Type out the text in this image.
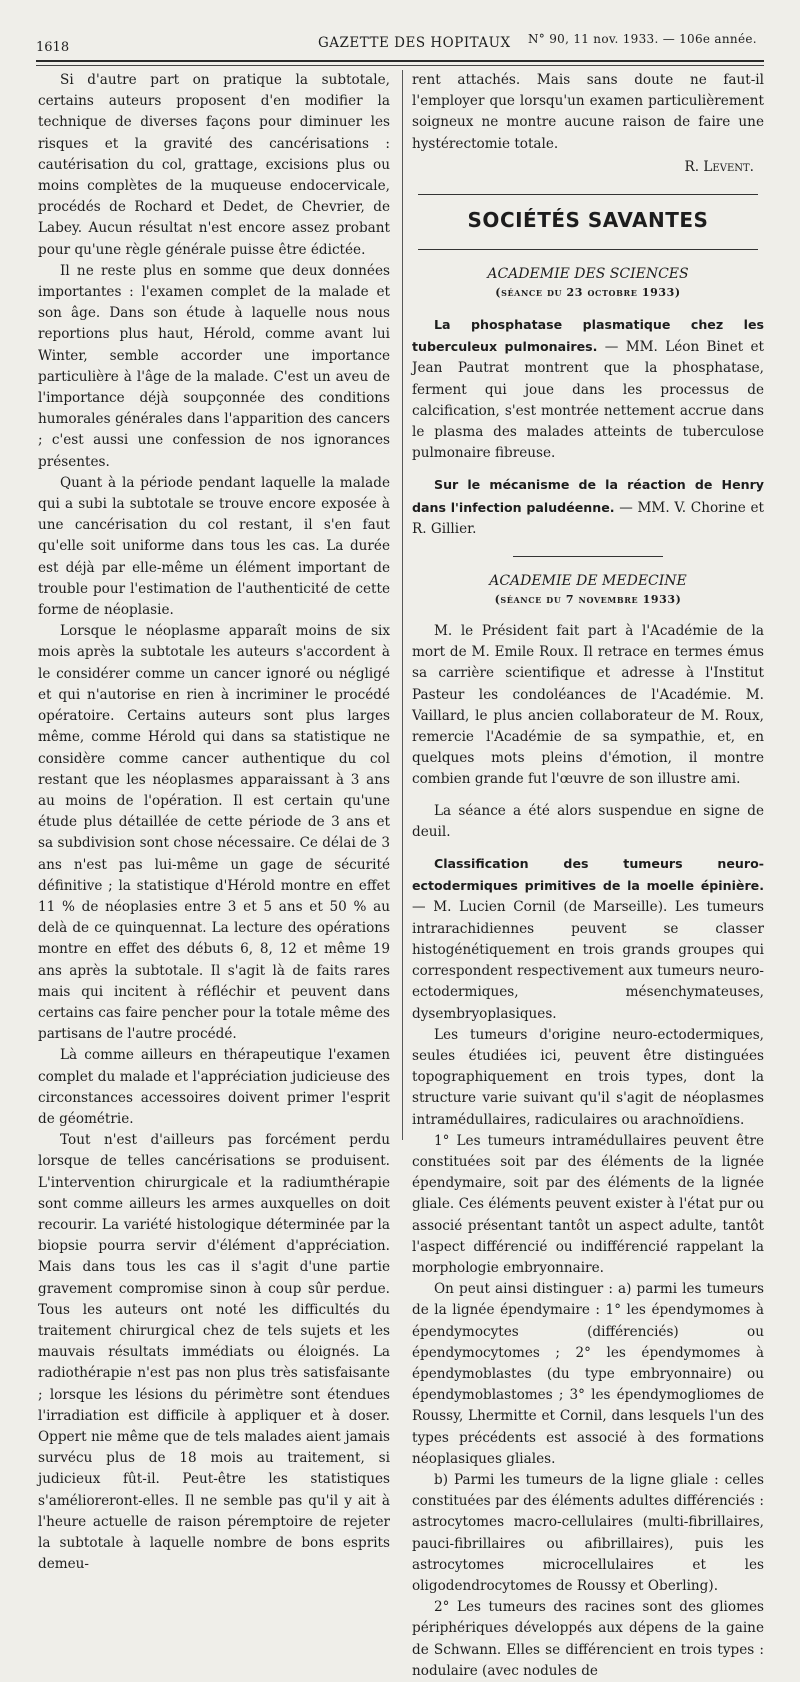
1618	GAZETTE DES HOPITAUX N° 90, 11 nov. 1933. — 106e année.

Si d'autre part on pratique la subtotale, certains auteurs proposent d'en modifier la technique de diverses façons pour diminuer les risques et la gravité des cancérisations : cautérisation du col, grattage, excisions plus ou moins complètes de la muqueuse endocervicale, procédés de Rochard et Dedet, de Chevrier, de Labey. Aucun résultat n'est encore assez probant pour qu'une règle générale puisse être édictée.

Il ne reste plus en somme que deux données importantes : l'examen complet de la malade et son âge. Dans son étude à laquelle nous nous reportions plus haut, Hérold, comme avant lui Winter, semble accorder une importance particulière à l'âge de la malade. C'est un aveu de l'importance déjà soupçonnée des conditions humorales générales dans l'apparition des cancers ; c'est aussi une confession de nos ignorances présentes.

Quant à la période pendant laquelle la malade qui a subi la subtotale se trouve encore exposée à une cancérisation du col restant, il s'en faut qu'elle soit uniforme dans tous les cas. La durée est déjà par elle-même un élément important de trouble pour l'estimation de l'authenticité de cette forme de néoplasie.

Lorsque le néoplasme apparaît moins de six mois après la subtotale les auteurs s'accordent à le considérer comme un cancer ignoré ou négligé et qui n'autorise en rien à incriminer le procédé opératoire. Certains auteurs sont plus larges même, comme Hérold qui dans sa statistique ne considère comme cancer authentique du col restant que les néoplasmes apparaissant à 3 ans au moins de l'opération. Il est certain qu'une étude plus détaillée de cette période de 3 ans et sa subdivision sont chose nécessaire. Ce délai de 3 ans n'est pas lui-même un gage de sécurité définitive ; la statistique d'Hérold montre en effet 11 % de néoplasies entre 3 et 5 ans et 50 % au delà de ce quinquennat. La lecture des opérations montre en effet des débuts 6, 8, 12 et même 19 ans après la subtotale. Il s'agit là de faits rares mais qui incitent à réfléchir et peuvent dans certains cas faire pencher pour la totale même des partisans de l'autre procédé.

Là comme ailleurs en thérapeutique l'examen complet du malade et l'appréciation judicieuse des circonstances accessoires doivent primer l'esprit de géométrie.

Tout n'est d'ailleurs pas forcément perdu lorsque de telles cancérisations se produisent. L'intervention chirurgicale et la radiumthérapie sont comme ailleurs les armes auxquelles on doit recourir. La variété histologique déterminée par la biopsie pourra servir d'élément d'appréciation. Mais dans tous les cas il s'agit d'une partie gravement compromise sinon à coup sûr perdue. Tous les auteurs ont noté les difficultés du traitement chirurgical chez de tels sujets et les mauvais résultats immédiats ou éloignés. La radiothérapie n'est pas non plus très satisfaisante ; lorsque les lésions du périmètre sont étendues l'irradiation est difficile à appliquer et à doser. Oppert nie même que de tels malades aient jamais survécu plus de 18 mois au traitement, si judicieux fût-il. Peut-être les statistiques s'amélioreront-elles. Il ne semble pas qu'il y ait à l'heure actuelle de raison péremptoire de rejeter la subtotale à laquelle nombre de bons esprits demeu-

rent attachés. Mais sans doute ne faut-il l'employer que lorsqu'un examen particulièrement soigneux ne montre aucune raison de faire une hystérectomie totale.

R. Levent.
SOCIÉTÉS SAVANTES
ACADEMIE DES SCIENCES
(séance du 23 octobre 1933)

La phosphatase plasmatique chez les tuberculeux pulmonaires. — MM. Léon Binet et Jean Pautrat montrent que la phosphatase, ferment qui joue dans les processus de calcification, s'est montrée nettement accrue dans le plasma des malades atteints de tuberculose pulmonaire fibreuse.

Sur le mécanisme de la réaction de Henry dans l'infection paludéenne. — MM. V. Chorine et R. Gillier.

ACADEMIE DE MEDECINE
(séance du 7 novembre 1933)

M. le Président fait part à l'Académie de la mort de M. Emile Roux. Il retrace en termes émus sa carrière scientifique et adresse à l'Institut Pasteur les condoléances de l'Académie. M. Vaillard, le plus ancien collaborateur de M. Roux, remercie l'Académie de sa sympathie, et, en quelques mots pleins d'émotion, il montre combien grande fut l'œuvre de son illustre ami.

La séance a été alors suspendue en signe de deuil.

Classification des tumeurs neuro-ectodermiques primitives de la moelle épinière. — M. Lucien Cornil (de Marseille). Les tumeurs intrarachidiennes peuvent se classer histogénétiquement en trois grands groupes qui correspondent respectivement aux tumeurs neuro-ectodermiques, mésenchymateuses, dysembryoplasiques.

Les tumeurs d'origine neuro-ectodermiques, seules étudiées ici, peuvent être distinguées topographiquement en trois types, dont la structure varie suivant qu'il s'agit de néoplasmes intramédullaires, radiculaires ou arachnoïdiens.

1° Les tumeurs intramédullaires peuvent être constituées soit par des éléments de la lignée épendymaire, soit par des éléments de la lignée gliale. Ces éléments peuvent exister à l'état pur ou associé présentant tantôt un aspect adulte, tantôt l'aspect différencié ou indifférencié rappelant la morphologie embryonnaire.

On peut ainsi distinguer : a) parmi les tumeurs de la lignée épendymaire : 1° les épendymomes à épendymocytes (différenciés) ou épendymocytomes ; 2° les épendymomes à épendymoblastes (du type embryonnaire) ou épendymoblastomes ; 3° les épendymogliomes de Roussy, Lhermitte et Cornil, dans lesquels l'un des types précédents est associé à des formations néoplasiques gliales.

b) Parmi les tumeurs de la ligne gliale : celles constituées par des éléments adultes différenciés : astrocytomes macro-cellulaires (multi-fibrillaires, pauci-fibrillaires ou afibrillaires), puis les astrocytomes microcellulaires et les oligodendrocytomes de Roussy et Oberling).

2° Les tumeurs des racines sont des gliomes périphériques développés aux dépens de la gaine de Schwann. Elles se différencient en trois types : nodulaire (avec nodules de
